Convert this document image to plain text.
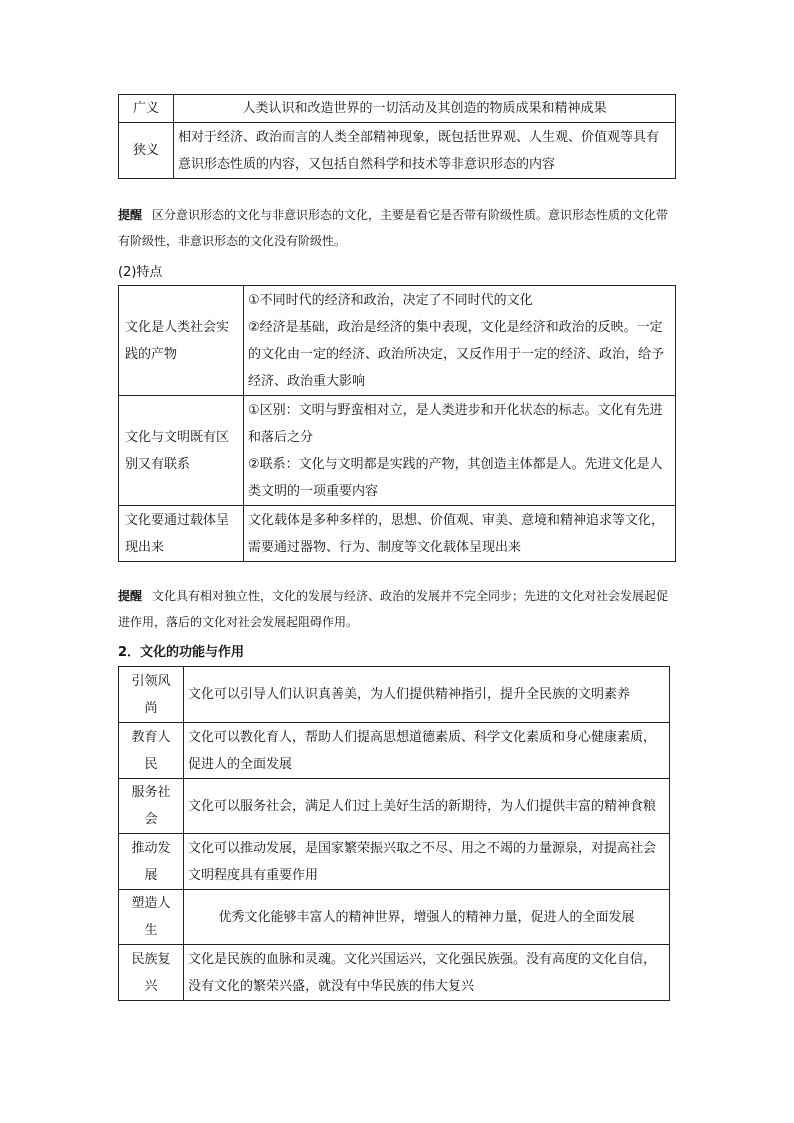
广义	人类认识和改造世界的一切活动及其创造的物质成果和精神成果
狭义	相对于经济、政治而言的人类全部精神现象，既包括世界观、人生观、价值观等具有意识形态性质的内容，又包括自然科学和技术等非意识形态的内容
提醒 区分意识形态的文化与非意识形态的文化，主要是看它是否带有阶级性质。意识形态性质的文化带有阶级性，非意识形态的文化没有阶级性。
(2)特点
文化是人类社会实践的产物	①不同时代的经济和政治，决定了不同时代的文化
②经济是基础，政治是经济的集中表现，文化是经济和政治的反映。一定的文化由一定的经济、政治所决定，又反作用于一定的经济、政治，给予经济、政治重大影响

文化与文明既有区别又有联系	①区别：文明与野蛮相对立，是人类进步和开化状态的标志。文化有先进和落后之分
②联系：文化与文明都是实践的产物，其创造主体都是人。先进文化是人类文明的一项重要内容

文化要通过载体呈现出来	文化载体是多种多样的，思想、价值观、审美、意境和精神追求等文化，需要通过器物、行为、制度等文化载体呈现出来
提醒 文化具有相对独立性，文化的发展与经济、政治的发展并不完全同步；先进的文化对社会发展起促进作用，落后的文化对社会发展起阻碍作用。
2．文化的功能与作用
引领风尚	文化可以引导人们认识真善美，为人们提供精神指引，提升全民族的文明素养
教育人民	文化可以教化育人，帮助人们提高思想道德素质、科学文化素质和身心健康素质，促进人的全面发展
服务社会	文化可以服务社会，满足人们过上美好生活的新期待，为人们提供丰富的精神食粮
推动发展	文化可以推动发展，是国家繁荣振兴取之不尽、用之不竭的力量源泉，对提高社会文明程度具有重要作用
塑造人生	优秀文化能够丰富人的精神世界，增强人的精神力量，促进人的全面发展
民族复兴	文化是民族的血脉和灵魂。文化兴国运兴，文化强民族强。没有高度的文化自信，没有文化的繁荣兴盛，就没有中华民族的伟大复兴
